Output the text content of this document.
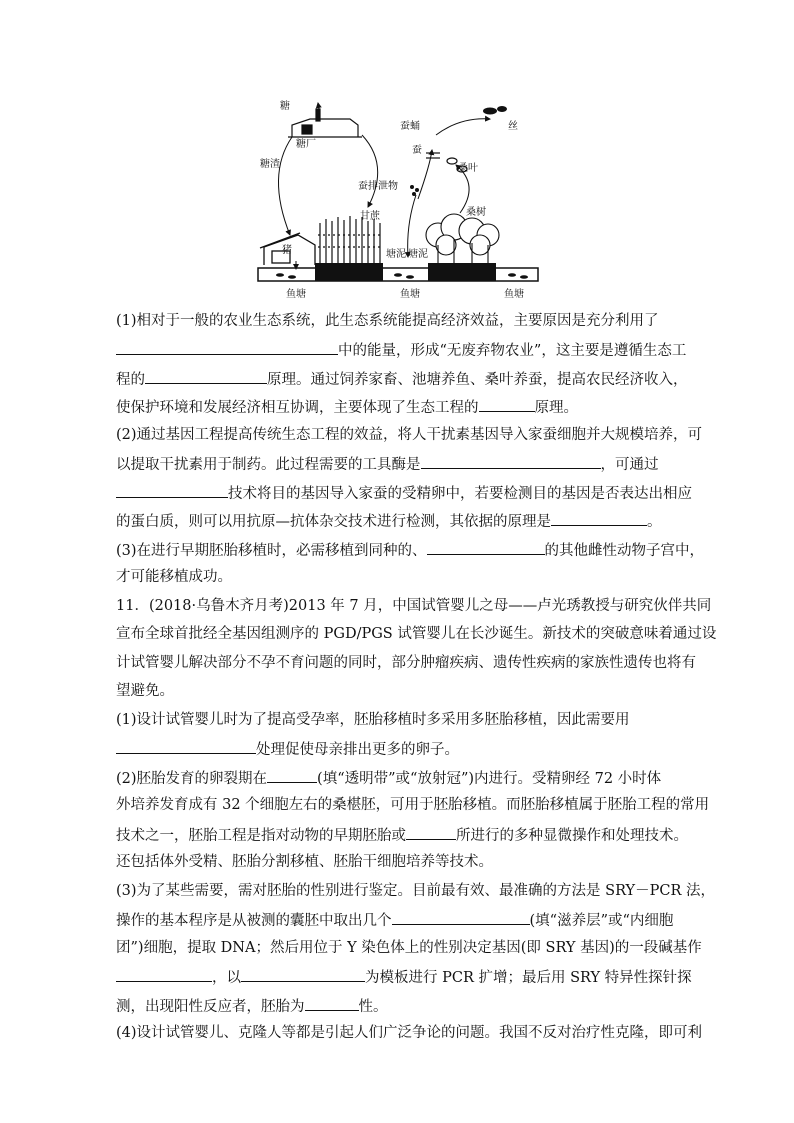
糖
糖厂
糖渣
猪
甘蔗
塘泥 塘泥
蚕蛹	丝
蚕
桑叶
蚕排泄物
桑树
鱼塘	鱼塘	鱼塘
(1)相对于一般的农业生态系统，此生态系统能提高经济效益，主要原因是充分利用了
中的能量，形成“无废弃物农业”，这主要是遵循生态工
程的	原理。通过饲养家畜、池塘养鱼、桑叶养蚕，提高农民经济收入，
使保护环境和发展经济相互协调，主要体现了生态工程的	原理。
(2)通过基因工程提高传统生态工程的效益，将人干扰素基因导入家蚕细胞并大规模培养，可
以提取干扰素用于制药。此过程需要的工具酶是	，可通过
技术将目的基因导入家蚕的受精卵中，若要检测目的基因是否表达出相应
的蛋白质，则可以用抗原—抗体杂交技术进行检测，其依据的原理是	。
(3)在进行早期胚胎移植时，必需移植到同种的、	的其他雌性动物子宫中，
才可能移植成功。
11．(2018·乌鲁木齐月考)2013 年 7 月，中国试管婴儿之母——卢光琇教授与研究伙伴共同
宣布全球首批经全基因组测序的 PGD/PGS 试管婴儿在长沙诞生。新技术的突破意味着通过设
计试管婴儿解决部分不孕不育问题的同时，部分肿瘤疾病、遗传性疾病的家族性遗传也将有
望避免。
(1)设计试管婴儿时为了提高受孕率，胚胎移植时多采用多胚胎移植，因此需要用
处理促使母亲排出更多的卵子。
(2)胚胎发育的卵裂期在	(填“透明带”或“放射冠”)内进行。受精卵经 72 小时体
外培养发育成有 32 个细胞左右的桑椹胚，可用于胚胎移植。而胚胎移植属于胚胎工程的常用
技术之一，胚胎工程是指对动物的早期胚胎或	所进行的多种显微操作和处理技术。
还包括体外受精、胚胎分割移植、胚胎干细胞培养等技术。
(3)为了某些需要，需对胚胎的性别进行鉴定。目前最有效、最准确的方法是 SRY－PCR 法，
操作的基本程序是从被测的囊胚中取出几个	(填“滋养层”或“内细胞
团”)细胞，提取 DNA；然后用位于 Y 染色体上的性别决定基因(即 SRY 基因)的一段碱基作
，以	为模板进行 PCR 扩增；最后用 SRY 特异性探针探
测，出现阳性反应者，胚胎为	性。
(4)设计试管婴儿、克隆人等都是引起人们广泛争论的问题。我国不反对治疗性克隆，即可利
